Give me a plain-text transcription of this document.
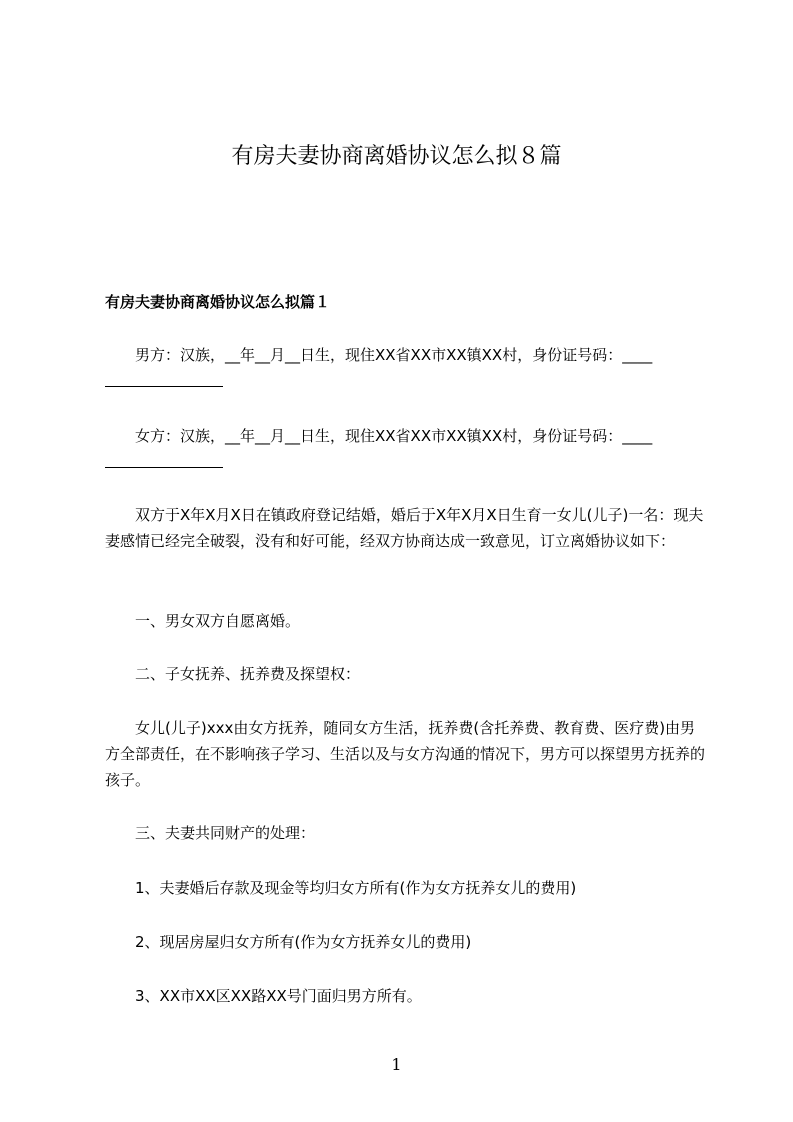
有房夫妻协商离婚协议怎么拟８篇
有房夫妻协商离婚协议怎么拟篇１
　　男方：汉族，__年__月__日生，现住XX省XX市XX镇XX村，身份证号码：____
　　女方：汉族，__年__月__日生，现住XX省XX市XX镇XX村，身份证号码：____
　　双方于X年X月X日在镇政府登记结婚，婚后于X年X月X日生育一女儿(儿子)一名：现夫妻感情已经完全破裂，没有和好可能，经双方协商达成一致意见，订立离婚协议如下：
　　一、男女双方自愿离婚。
　　二、子女抚养、抚养费及探望权：
　　女儿(儿子)xxx由女方抚养，随同女方生活，抚养费(含托养费、教育费、医疗费)由男方全部责任，在不影响孩子学习、生活以及与女方沟通的情况下，男方可以探望男方抚养的孩子。
　　三、夫妻共同财产的处理：
　　1、夫妻婚后存款及现金等均归女方所有(作为女方抚养女儿的费用)
　　2、现居房屋归女方所有(作为女方抚养女儿的费用)
　　3、XX市XX区XX路XX号门面归男方所有。
1
